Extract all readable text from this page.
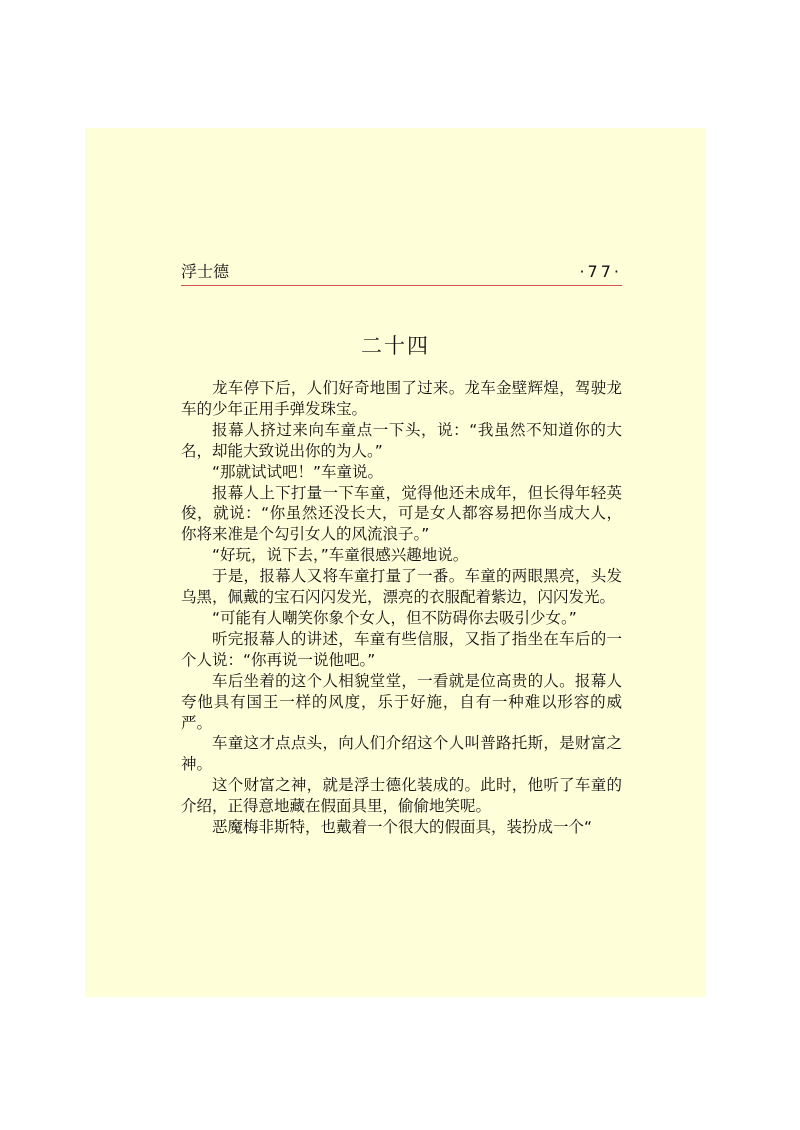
浮士德	·77·
二十四

龙车停下后，人们好奇地围了过来。龙车金壁辉煌，驾驶龙车的少年正用手弹发珠宝。

报幕人挤过来向车童点一下头，说：“我虽然不知道你的大名，却能大致说出你的为人。”

“那就试试吧！”车童说。

报幕人上下打量一下车童，觉得他还未成年，但长得年轻英俊，就说：“你虽然还没长大，可是女人都容易把你当成大人，你将来准是个勾引女人的风流浪子。”

“好玩，说下去，”车童很感兴趣地说。

于是，报幕人又将车童打量了一番。车童的两眼黑亮，头发乌黑，佩戴的宝石闪闪发光，漂亮的衣服配着紫边，闪闪发光。

“可能有人嘲笑你象个女人，但不防碍你去吸引少女。”

听完报幕人的讲述，车童有些信服，又指了指坐在车后的一个人说：“你再说一说他吧。”

车后坐着的这个人相貌堂堂，一看就是位高贵的人。报幕人夸他具有国王一样的风度，乐于好施，自有一种难以形容的威严。

车童这才点点头，向人们介绍这个人叫普路托斯，是财富之神。

这个财富之神，就是浮士德化装成的。此时，他听了车童的介绍，正得意地藏在假面具里，偷偷地笑呢。

恶魔梅非斯特，也戴着一个很大的假面具，装扮成一个“
